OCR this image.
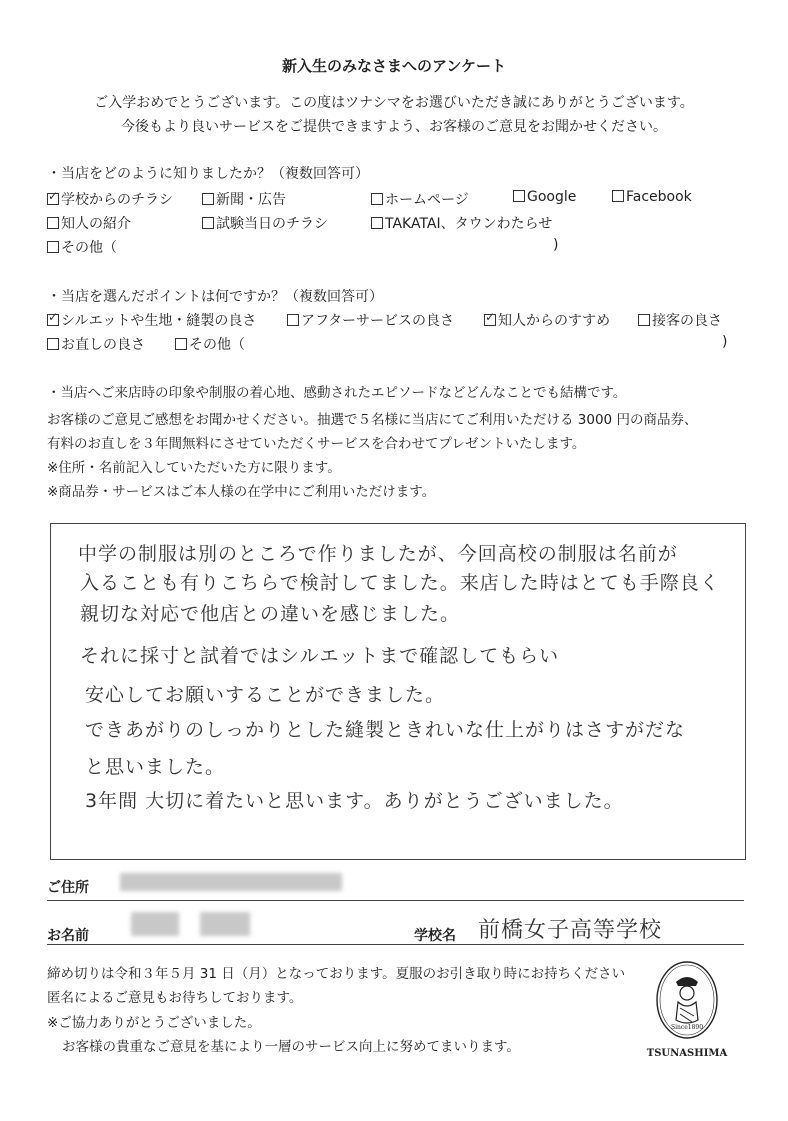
新入生のみなさまへのアンケート
ご入学おめでとうございます。この度はツナシマをお選びいただき誠にありがとうございます。
今後もより良いサービスをご提供できますよう、お客様のご意見をお聞かせください。
・当店をどのように知りましたか？（複数回答可）
✓学校からのチラシ	新聞・広告	ホームページ	Google	Facebook
知人の紹介	試験当日のチラシ	TAKATAI、タウンわたらせ
その他（	)
・当店を選んだポイントは何ですか？（複数回答可）
✓シルエットや生地・縫製の良さ	アフターサービスの良さ
✓	知人からのすすめ	接客の良さ
お直しの良さ	その他（	)
・当店へご来店時の印象や制服の着心地、感動されたエピソードなどどんなことでも結構です。
お客様のご意見ご感想をお聞かせください。抽選で５名様に当店にてご利用いただける 3000 円の商品券、
有料のお直しを３年間無料にさせていただくサービスを合わせてプレゼントいたします。
※住所・名前記入していただいた方に限ります。
※商品券・サービスはご本人様の在学中にご利用いただけます。
中学の制服は別のところで作りましたが、今回高校の制服は名前が
入ることも有りこちらで検討してました。来店した時はとても手際良く
親切な対応で他店との違いを感じました。
それに採寸と試着ではシルエットまで確認してもらい
安心してお願いすることができました。
できあがりのしっかりとした縫製ときれいな仕上がりはさすがだな
と思いました。
3年間 大切に着たいと思います。ありがとうございました。
ご住所
お名前	学校名 前橋女子高等学校
締め切りは令和３年５月 31 日（月）となっております。夏服のお引き取り時にお持ちください
匿名によるご意見もお待ちしております。
※ご協力ありがとうございました。
お客様の貴重なご意見を基により一層のサービス向上に努めてまいります。
Since1890
TSUNASHIMA
